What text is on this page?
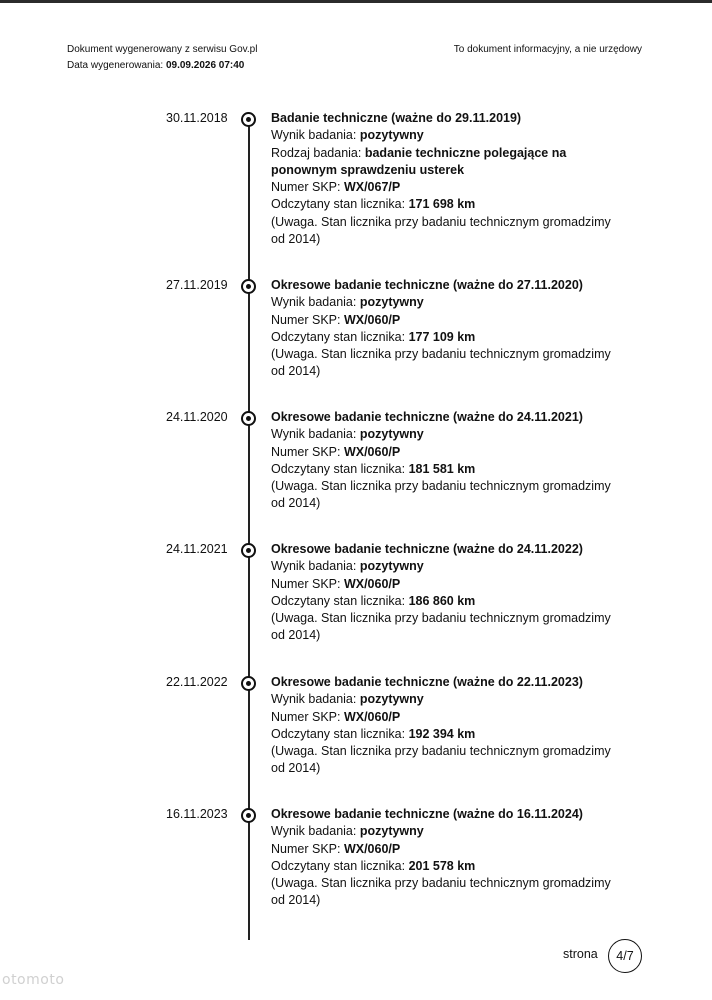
Dokument wygenerowany z serwisu Gov.pl
Data wygenerowania: 09.09.2026 07:40
To dokument informacyjny, a nie urzędowy
30.11.2018	Badanie techniczne (ważne do 29.11.2019)
Wynik badania: pozytywny
Rodzaj badania: badanie techniczne polegające na ponownym sprawdzeniu usterek
Numer SKP: WX/067/P
Odczytany stan licznika: 171 698 km
(Uwaga. Stan licznika przy badaniu technicznym gromadzimy od 2014)
27.11.2019	Okresowe badanie techniczne (ważne do 27.11.2020)
Wynik badania: pozytywny
Numer SKP: WX/060/P
Odczytany stan licznika: 177 109 km
(Uwaga. Stan licznika przy badaniu technicznym gromadzimy od 2014)
24.11.2020	Okresowe badanie techniczne (ważne do 24.11.2021)
Wynik badania: pozytywny
Numer SKP: WX/060/P
Odczytany stan licznika: 181 581 km
(Uwaga. Stan licznika przy badaniu technicznym gromadzimy od 2014)
24.11.2021	Okresowe badanie techniczne (ważne do 24.11.2022)
Wynik badania: pozytywny
Numer SKP: WX/060/P
Odczytany stan licznika: 186 860 km
(Uwaga. Stan licznika przy badaniu technicznym gromadzimy od 2014)
22.11.2022	Okresowe badanie techniczne (ważne do 22.11.2023)
Wynik badania: pozytywny
Numer SKP: WX/060/P
Odczytany stan licznika: 192 394 km
(Uwaga. Stan licznika przy badaniu technicznym gromadzimy od 2014)
16.11.2023	Okresowe badanie techniczne (ważne do 16.11.2024)
Wynik badania: pozytywny
Numer SKP: WX/060/P
Odczytany stan licznika: 201 578 km
(Uwaga. Stan licznika przy badaniu technicznym gromadzimy od 2014)
strona	4/7
otomoto
